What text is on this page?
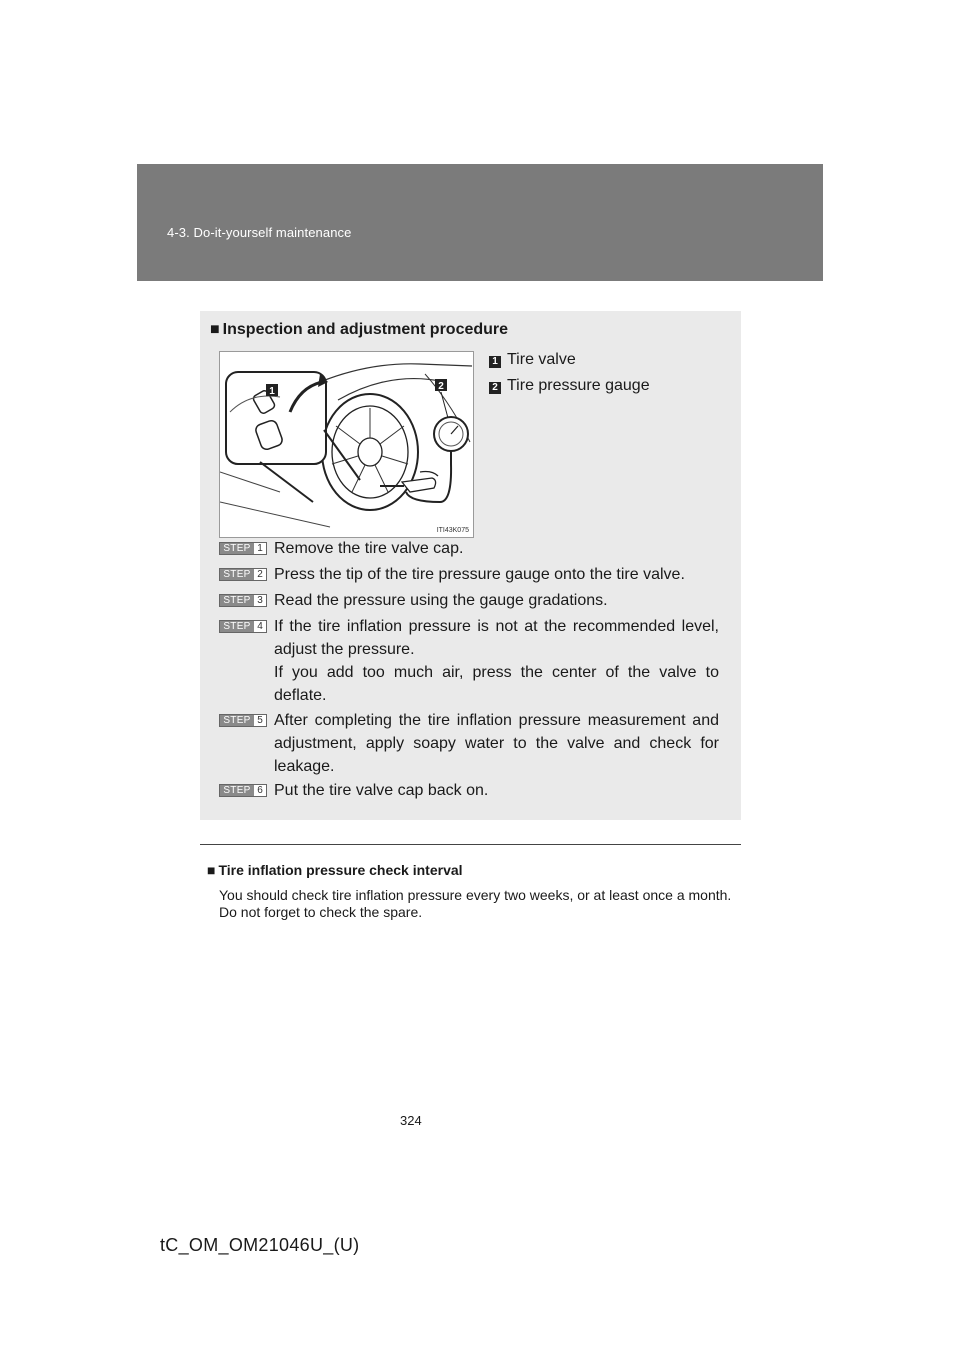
4-3. Do-it-yourself maintenance
■ Inspection and adjustment procedure
1	2
ITI43K075
1 Tire valve
2 Tire pressure gauge
STEP 1 Remove the tire valve cap.
STEP 2 Press the tip of the tire pressure gauge onto the tire valve.
STEP 3 Read the pressure using the gauge gradations.
STEP 4 If the tire inflation pressure is not at the recommended level, adjust the pressure.
If you add too much air, press the center of the valve to deflate.
STEP 5 After completing the tire inflation pressure measurement and adjustment, apply soapy water to the valve and check for leakage.
STEP 6 Put the tire valve cap back on.
■ Tire inflation pressure check interval

You should check tire inflation pressure every two weeks, or at least once a month.

Do not forget to check the spare.

324
tC_OM_OM21046U_(U)
